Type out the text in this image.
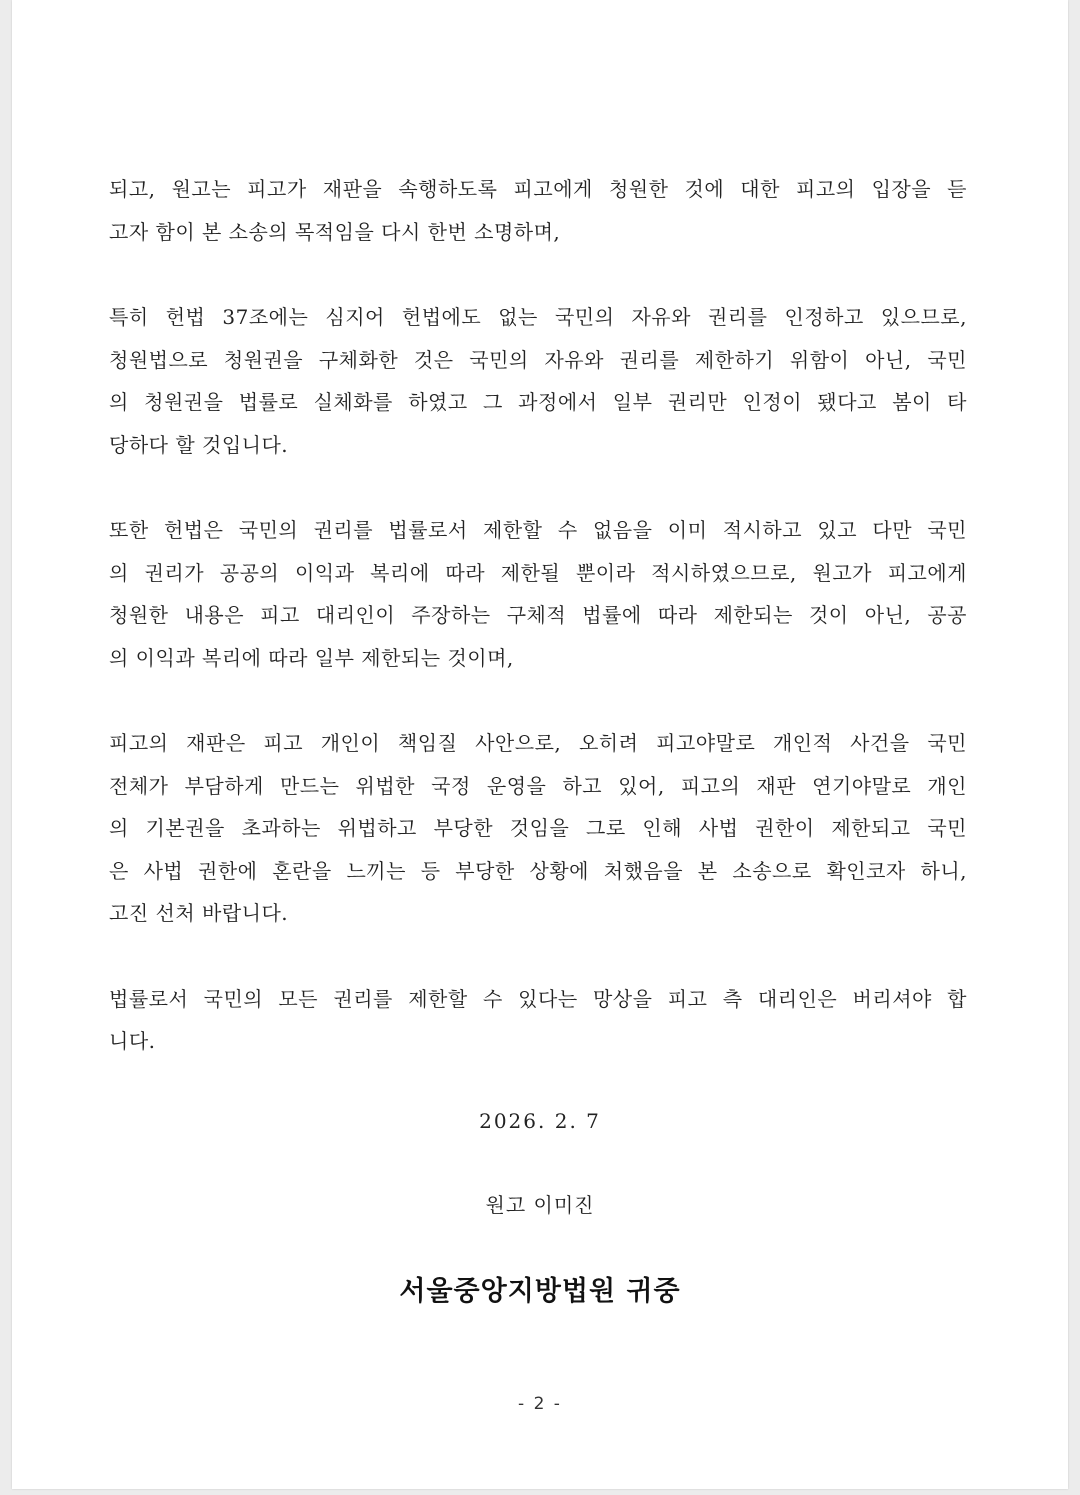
되고, 원고는 피고가 재판을 속행하도록 피고에게 청원한 것에 대한 피고의 입장을 듣
고자 함이 본 소송의 목적임을 다시 한번 소명하며,
특히 헌법 37조에는 심지어 헌법에도 없는 국민의 자유와 권리를 인정하고 있으므로,
청원법으로 청원권을 구체화한 것은 국민의 자유와 권리를 제한하기 위함이 아닌, 국민
의 청원권을 법률로 실체화를 하였고 그 과정에서 일부 권리만 인정이 됐다고 봄이 타
당하다 할 것입니다.
또한 헌법은 국민의 권리를 법률로서 제한할 수 없음을 이미 적시하고 있고 다만 국민
의 권리가 공공의 이익과 복리에 따라 제한될 뿐이라 적시하였으므로, 원고가 피고에게
청원한 내용은 피고 대리인이 주장하는 구체적 법률에 따라 제한되는 것이 아닌, 공공
의 이익과 복리에 따라 일부 제한되는 것이며,
피고의 재판은 피고 개인이 책임질 사안으로, 오히려 피고야말로 개인적 사건을 국민
전체가 부담하게 만드는 위법한 국정 운영을 하고 있어, 피고의 재판 연기야말로 개인
의 기본권을 초과하는 위법하고 부당한 것임을 그로 인해 사법 권한이 제한되고 국민
은 사법 권한에 혼란을 느끼는 등 부당한 상황에 처했음을 본 소송으로 확인코자 하니,
고진 선처 바랍니다.
법률로서 국민의 모든 권리를 제한할 수 있다는 망상을 피고 측 대리인은 버리셔야 합
니다.
2026. 2. 7
원고 이미진
서울중앙지방법원 귀중
- 2 -
